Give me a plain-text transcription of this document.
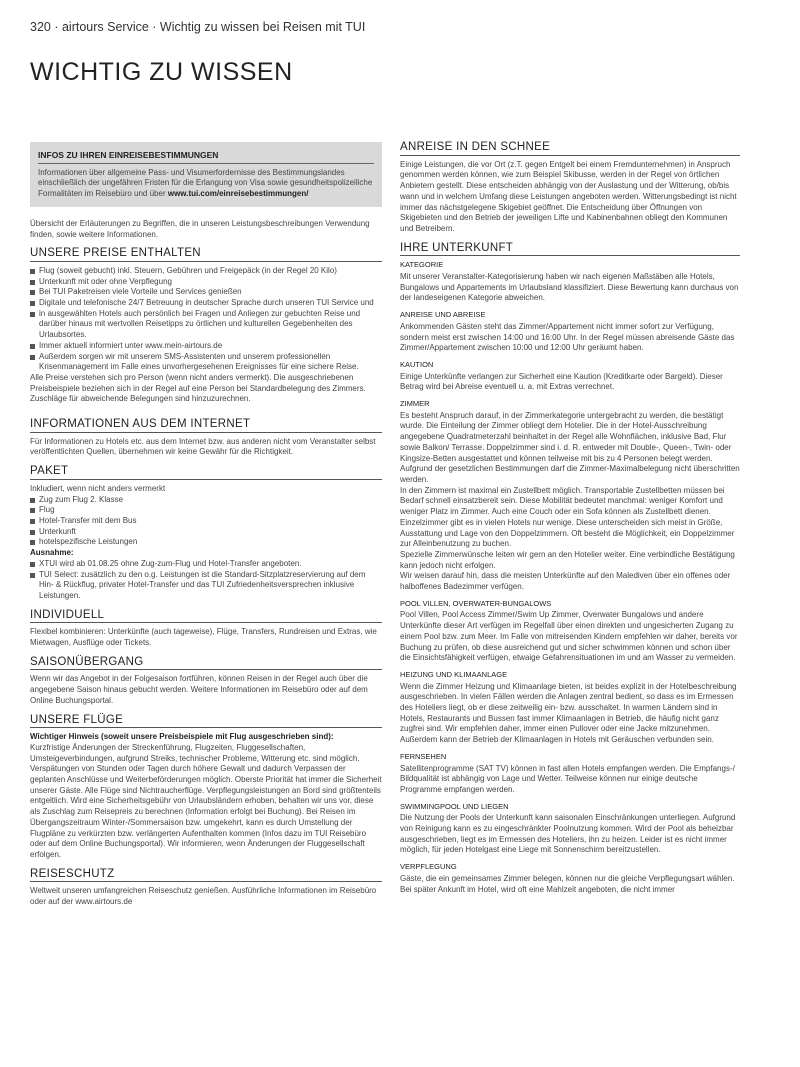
320 · airtours Service · Wichtig zu wissen bei Reisen mit TUI
WICHTIG ZU WISSEN
INFOS ZU IHREN EINREISEBESTIMMUNGEN

Informationen über allgemeine Pass- und Visumerfordernisse des Bestimmungslandes einschließlich der ungefähren Fristen für die Erlangung von Visa sowie gesundheitspolizeiliche Formalitäten im Reisebüro und über www.tui.com/einreisebestimmungen/

Übersicht der Erläuterungen zu Begriffen, die in unseren Leistungsbeschreibungen Verwendung finden, sowie weitere Informationen.

UNSERE PREISE ENTHALTEN
Flug (soweit gebucht) inkl. Steuern, Gebühren und Freigepäck (in der Regel 20 Kilo)
Unterkunft mit oder ohne Verpflegung
Bei TUI Paketreisen viele Vorteile und Services genießen
Digitale und telefonische 24/7 Betreuung in deutscher Sprache durch unseren TUI Service und
in ausgewählten Hotels auch persönlich bei Fragen und Anliegen zur gebuchten Reise und darüber hinaus mit wertvollen Reisetipps zu örtlichen und kulturellen Gegebenheiten des Urlaubsortes.
Immer aktuell informiert unter www.mein-airtours.de
Außerdem sorgen wir mit unserem SMS-Assistenten und unserem professionellen Krisenmanagement im Falle eines unvorhergesehenen Ereignisses für eine sichere Reise.

Alle Preise verstehen sich pro Person (wenn nicht anders vermerkt). Die ausgeschriebenen Preisbeispiele beziehen sich in der Regel auf eine Person bei Standardbelegung des Zimmers. Zuschläge für abweichende Belegungen sind hinzuzurechnen.

INFORMATIONEN AUS DEM INTERNET

Für Informationen zu Hotels etc. aus dem Internet bzw. aus anderen nicht vom Veranstalter selbst veröffentlichten Quellen, übernehmen wir keine Gewähr für die Richtigkeit.

PAKET

Inkludiert, wenn nicht anders vermerkt

Zug zum Flug 2. Klasse
Flug
Hotel-Transfer mit dem Bus
Unterkunft
hotelspezifische Leistungen

Ausnahme:

XTUI wird ab 01.08.25 ohne Zug-zum-Flug und Hotel-Transfer angeboten.
TUI Select: zusätzlich zu den o.g. Leistungen ist die Standard-Sitzplatzreservierung auf dem Hin- & Rückflug, privater Hotel-Transfer und das TUI Zufriedenheitsversprechen inklusive Leistungen.
INDIVIDUELL

Flexibel kombinieren: Unterkünfte (auch tageweise), Flüge, Transfers, Rundreisen und Extras, wie Mietwagen, Ausflüge oder Tickets.

SAISONÜBERGANG

Wenn wir das Angebot in der Folgesaison fortführen, können Reisen in der Regel auch über die angegebene Saison hinaus gebucht werden. Weitere Informationen im Reisebüro oder auf dem Online Buchungsportal.

UNSERE FLÜGE

Wichtiger Hinweis (soweit unsere Preisbeispiele mit Flug ausgeschrieben sind):

Kurzfristige Änderungen der Streckenführung, Flugzeiten, Fluggesellschaften, Umsteigeverbindungen, aufgrund Streiks, technischer Probleme, Witterung etc. sind möglich. Verspätungen von Stunden oder Tagen durch höhere Gewalt und dadurch Verpassen der geplanten Anschlüsse und Weiterbeförderungen möglich. Oberste Priorität hat immer die Sicherheit unserer Gäste. Alle Flüge sind Nichtraucherflüge. Verpflegungsleistungen an Bord sind größtenteils entgeltlich. Wird eine Sicherheitsgebühr von Urlaubsländern erhoben, behalten wir uns vor, diese als Zuschlag zum Reisepreis zu berechnen (Information erfolgt bei Buchung). Bei Reisen im Übergangszeitraum Winter-/Sommersaison bzw. umgekehrt, kann es durch Umstellung der Flugpläne zu verkürzten bzw. verlängerten Aufenthalten kommen (Infos dazu im TUI Reisebüro oder auf dem Online Buchungsportal). Wir informieren, wenn Änderungen der Fluggesellschaft erfolgen.

REISESCHUTZ

Weltweit unseren umfangreichen Reiseschutz genießen. Ausführliche Informationen im Reisebüro oder auf der www.airtours.de

ANREISE IN DEN SCHNEE

Einige Leistungen, die vor Ort (z.T. gegen Entgelt bei einem Fremdunternehmen) in Anspruch genommen werden können, wie zum Beispiel Skibusse, werden in der Regel von örtlichen Anbietern gestellt. Diese entscheiden abhängig von der Auslastung und der Witterung, ob/bis wann und in welchem Umfang diese Leistungen angeboten werden. Witterungsbedingt ist nicht immer das nächstgelegene Skigebiet geöffnet. Die Entscheidung über Öffnungen von Skigebieten und den Betrieb der jeweiligen Lifte und Kabinenbahnen obliegt den Kommunen und Betreibern.

IHRE UNTERKUNFT
KATEGORIE

Mit unserer Veranstalter-Kategorisierung haben wir nach eigenen Maßstäben alle Hotels, Bungalows und Appartements im Urlaubsland klassifiziert. Diese Bewertung kann durchaus von der landeseigenen Kategorie abweichen.

ANREISE UND ABREISE

Ankommenden Gästen steht das Zimmer/Appartement nicht immer sofort zur Verfügung, sondern meist erst zwischen 14:00 und 16:00 Uhr. In der Regel müssen abreisende Gäste das Zimmer/Appartement zwischen 10:00 und 12:00 Uhr geräumt haben.

KAUTION

Einige Unterkünfte verlangen zur Sicherheit eine Kaution (Kreditkarte oder Bargeld). Dieser Betrag wird bei Abreise eventuell u. a. mit Extras verrechnet.

ZIMMER

Es besteht Anspruch darauf, in der Zimmerkategorie untergebracht zu werden, die bestätigt wurde. Die Einteilung der Zimmer obliegt dem Hotelier. Die in der Hotel-Ausschreibung angegebene Quadratmeterzahl beinhaltet in der Regel alle Wohnflächen, inklusive Bad, Flur sowie Balkon/ Terrasse. Doppelzimmer sind i. d. R. entweder mit Double-, Queen-, Twin- oder Kingsize-Betten ausgestattet und können teilweise mit bis zu 4 Personen belegt werden. Aufgrund der gesetzlichen Bestimmungen darf die Zimmer-Maximalbelegung nicht überschritten werden.

In den Zimmern ist maximal ein Zustellbett möglich. Transportable Zustellbetten müssen bei Bedarf schnell einsatzbereit sein. Diese Mobilität bedeutet manchmal: weniger Komfort und weniger Platz im Zimmer. Auch eine Couch oder ein Sofa können als Zustellbett dienen. Einzelzimmer gibt es in vielen Hotels nur wenige. Diese unterscheiden sich meist in Größe, Ausstattung und Lage von den Doppelzimmern. Oft besteht die Möglichkeit, ein Doppelzimmer zur Alleinbenutzung zu buchen.

Spezielle Zimmerwünsche leiten wir gern an den Hotelier weiter. Eine verbindliche Bestätigung kann jedoch nicht erfolgen.

Wir weisen darauf hin, dass die meisten Unterkünfte auf den Malediven über ein offenes oder halboffenes Badezimmer verfügen.

POOL VILLEN, OVERWATER-BUNGALOWS

Pool Villen, Pool Access Zimmer/Swim Up Zimmer, Overwater Bungalows und andere Unterkünfte dieser Art verfügen im Regelfall über einen direkten und ungesicherten Zugang zu einem Pool bzw. zum Meer. Im Falle von mitreisenden Kindern empfehlen wir daher, bereits vor Buchung zu prüfen, ob diese ausreichend gut und sicher schwimmen können und schon über die Einsichtsfähigkeit verfügen, etwaige Gefahrensituationen im und am Wasser zu vermeiden.

HEIZUNG UND KLIMAANLAGE

Wenn die Zimmer Heizung und Klimaanlage bieten, ist beides explizit in der Hotelbeschreibung ausgeschrieben. In vielen Fällen werden die Anlagen zentral bedient, so dass es im Ermessen des Hoteliers liegt, ob er diese zeitweilig ein- bzw. ausschaltet. In warmen Ländern sind in Hotels, Restaurants und Bussen fast immer Klimaanlagen in Betrieb, die häufig nicht ganz zugfrei sind. Wir empfehlen daher, immer einen Pullover oder eine Jacke mitzunehmen. Außerdem kann der Betrieb der Klimaanlagen in Hotels mit Geräuschen verbunden sein.

FERNSEHEN

Satellitenprogramme (SAT TV) können in fast allen Hotels empfangen werden. Die Empfangs-/ Bildqualität ist abhängig von Lage und Wetter. Teilweise können nur einige deutsche Programme empfangen werden.

SWIMMINGPOOL UND LIEGEN

Die Nutzung der Pools der Unterkunft kann saisonalen Einschränkungen unterliegen. Aufgrund von Reinigung kann es zu eingeschränkter Poolnutzung kommen. Wird der Pool als beheizbar ausgeschrieben, liegt es im Ermessen des Hoteliers, ihn zu heizen. Leider ist es nicht immer möglich, für jeden Hotelgast eine Liege mit Sonnenschirm bereitzustellen.

VERPFLEGUNG

Gäste, die ein gemeinsames Zimmer belegen, können nur die gleiche Verpflegungsart wählen. Bei später Ankunft im Hotel, wird oft eine Mahlzeit angeboten, die nicht immer
